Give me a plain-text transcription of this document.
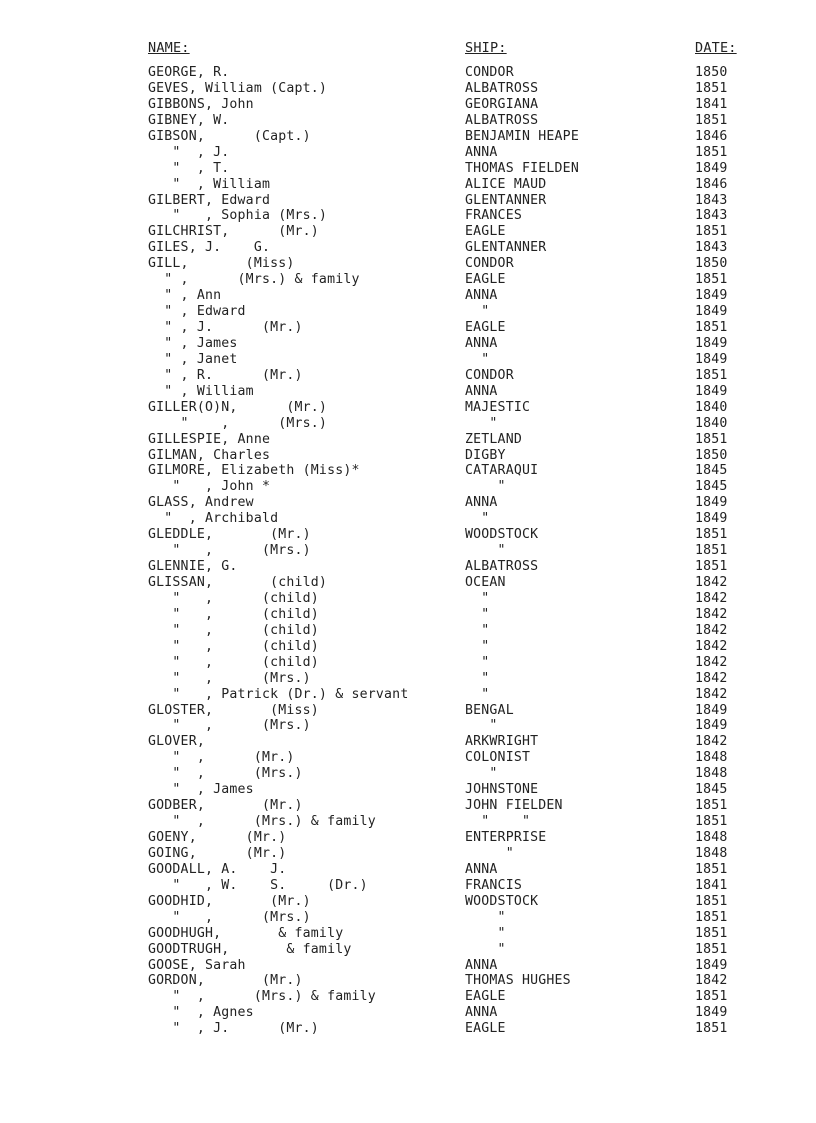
NAME:	SHIP:	DATE:
GEORGE, R.	CONDOR	1850
GEVES, William (Capt.)	ALBATROSS	1851
GIBBONS, John	GEORGIANA	1841
GIBNEY, W.	ALBATROSS	1851
GIBSON,      (Capt.)	BENJAMIN HEAPE	1846
"  , J.	ANNA	1851
"  , T.	THOMAS FIELDEN	1849
"  , William	ALICE MAUD	1846
GILBERT, Edward	GLENTANNER	1843
"   , Sophia (Mrs.)	FRANCES	1843
GILCHRIST,      (Mr.)	EAGLE	1851
GILES, J.    G.	GLENTANNER	1843
GILL,       (Miss)	CONDOR	1850
" ,      (Mrs.) & family	EAGLE	1851
" , Ann	ANNA	1849
" , Edward	"	1849
" , J.      (Mr.)	EAGLE	1851
" , James	ANNA	1849
" , Janet	"	1849
" , R.      (Mr.)	CONDOR	1851
" , William	ANNA	1849
GILLER(O)N,      (Mr.)	MAJESTIC	1840
"    ,      (Mrs.)	"	1840
GILLESPIE, Anne	ZETLAND	1851
GILMAN, Charles	DIGBY	1850
GILMORE, Elizabeth (Miss)*	CATARAQUI	1845
"   , John *	"	1845
GLASS, Andrew	ANNA	1849
"  , Archibald	"	1849
GLEDDLE,       (Mr.)	WOODSTOCK	1851
"   ,      (Mrs.)	"	1851
GLENNIE, G.	ALBATROSS	1851
GLISSAN,       (child)	OCEAN	1842
"   ,      (child)	"	1842
"   ,      (child)	"	1842
"   ,      (child)	"	1842
"   ,      (child)	"	1842
"   ,      (child)	"	1842
"   ,      (Mrs.)	"	1842
"   , Patrick (Dr.) & servant	"	1842
GLOSTER,       (Miss)	BENGAL	1849
"   ,      (Mrs.)	"	1849
GLOVER,	ARKWRIGHT	1842
"  ,      (Mr.)	COLONIST	1848
"  ,      (Mrs.)	"	1848
"  , James	JOHNSTONE	1845
GODBER,       (Mr.)	JOHN FIELDEN	1851
"  ,      (Mrs.) & family	"    "	1851
GOENY,      (Mr.)	ENTERPRISE	1848
GOING,      (Mr.)	"	1848
GOODALL, A.    J.	ANNA	1851
"   , W.    S.     (Dr.)	FRANCIS	1841
GOODHID,       (Mr.)	WOODSTOCK	1851
"   ,      (Mrs.)	"	1851
GOODHUGH,       & family	"	1851
GOODTRUGH,       & family	"	1851
GOOSE, Sarah	ANNA	1849
GORDON,       (Mr.)	THOMAS HUGHES	1842
"  ,      (Mrs.) & family	EAGLE	1851
"  , Agnes	ANNA	1849
"  , J.      (Mr.)	EAGLE	1851
